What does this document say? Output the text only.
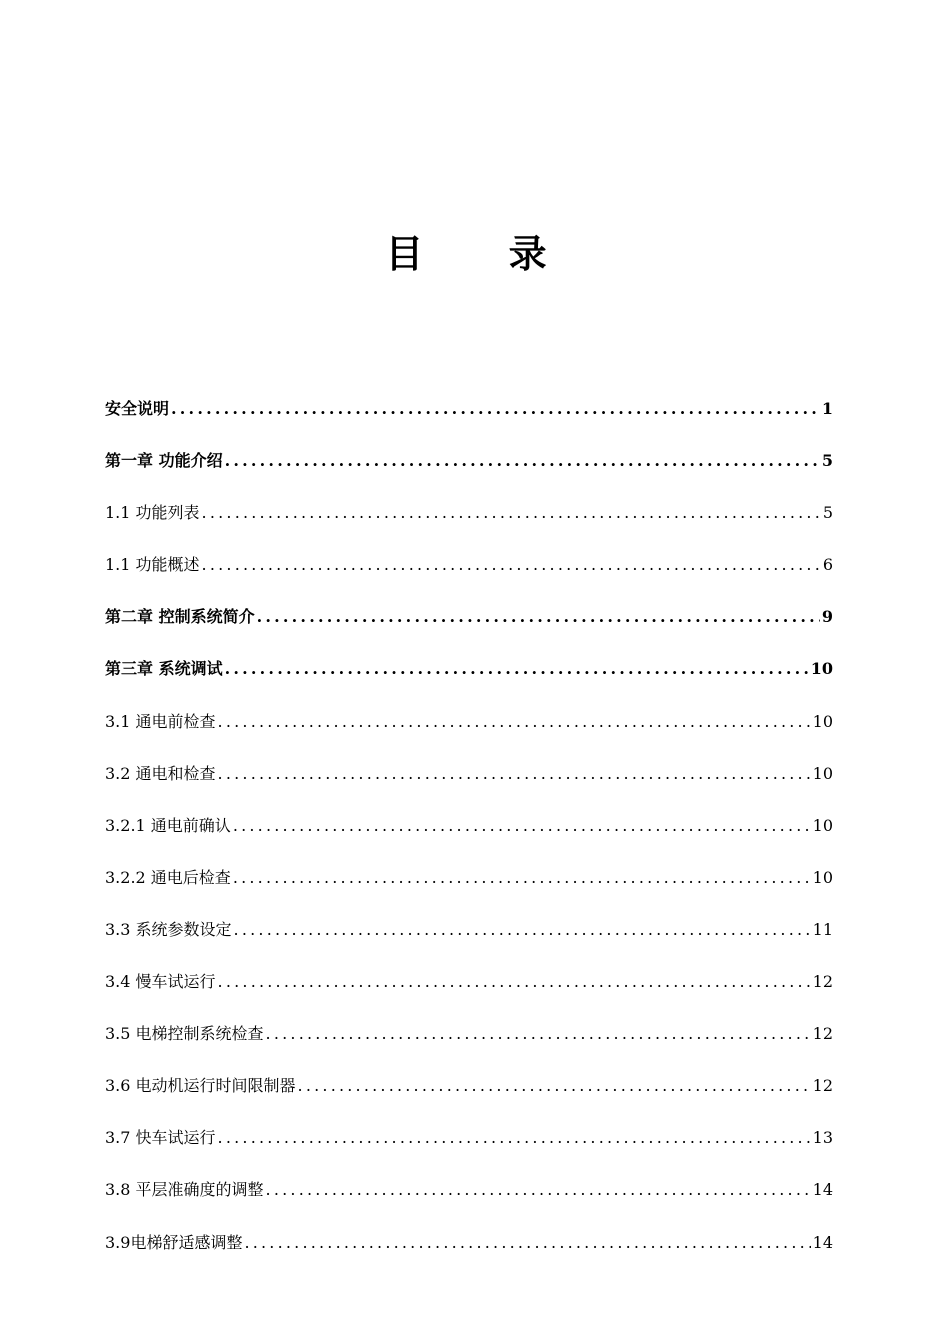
目 录
安全说明 .....	1
第一章 功能介绍 .....	5
1.1 功能列表 .....	5
1.1 功能概述 .....	6
第二章 控制系统简介 .....	9
第三章 系统调试 .....	10
3.1 通电前检查 .....	10
3.2 通电和检查 .....	10
3.2.1 通电前确认 .....	10
3.2.2 通电后检查 .....	10
3.3 系统参数设定 .....	11
3.4 慢车试运行 .....	12
3.5 电梯控制系统检查 .....	12
3.6 电动机运行时间限制器 .....	12
3.7 快车试运行 .....	13
3.8 平层准确度的调整 .....	14
3.9电梯舒适感调整 .....	14
